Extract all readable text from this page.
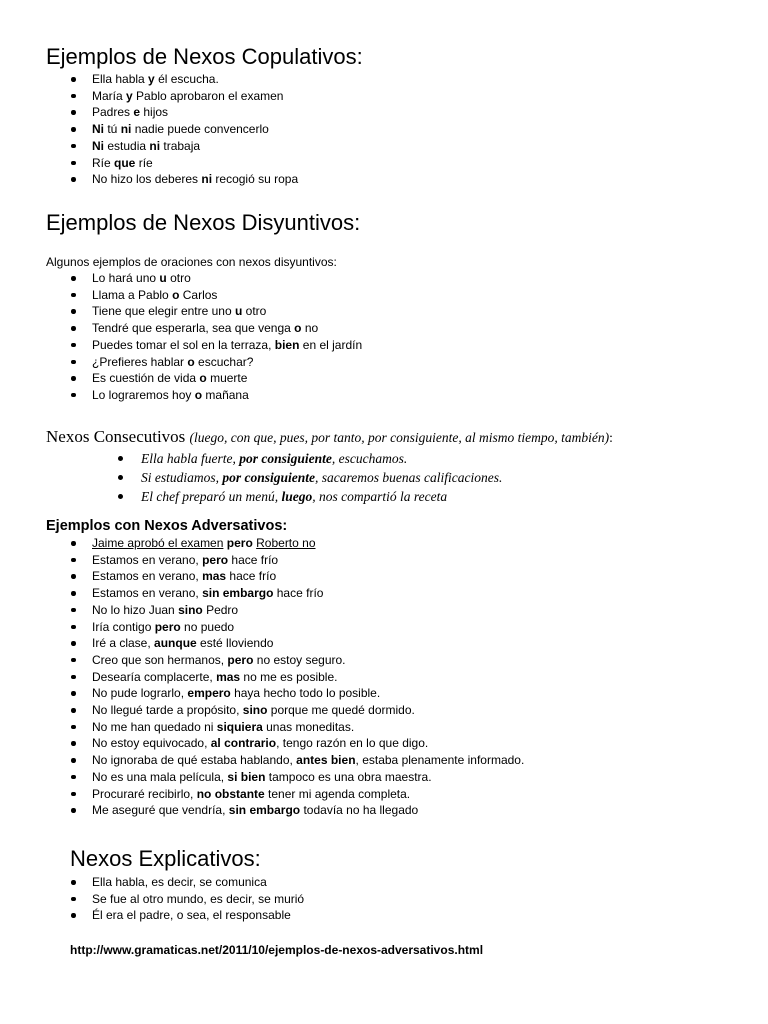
Ejemplos de Nexos Copulativos:
Ella habla y él escucha.
María y Pablo aprobaron el examen
Padres e hijos
Ni tú ni nadie puede convencerlo
Ni estudia ni trabaja
Ríe que ríe
No hizo los deberes ni recogió su ropa
Ejemplos de Nexos Disyuntivos:

Algunos ejemplos de oraciones con nexos disyuntivos:

Lo hará uno u otro
Llama a Pablo o Carlos
Tiene que elegir entre uno u otro
Tendré que esperarla, sea que venga o no
Puedes tomar el sol en la terraza, bien en el jardín
¿Prefieres hablar o escuchar?
Es cuestión de vida o muerte
Lo lograremos hoy o mañana
Nexos Consecutivos (luego, con que, pues, por tanto, por consiguiente, al mismo tiempo, también):
Ella habla fuerte, por consiguiente, escuchamos.
Si estudiamos, por consiguiente, sacaremos buenas calificaciones.
El chef preparó un menú, luego, nos compartió la receta
Ejemplos con Nexos Adversativos:
Jaime aprobó el examen pero Roberto no
Estamos en verano, pero hace frío
Estamos en verano, mas hace frío
Estamos en verano, sin embargo hace frío
No lo hizo Juan sino Pedro
Iría contigo pero no puedo
Iré a clase, aunque esté lloviendo
Creo que son hermanos, pero no estoy seguro.
Desearía complacerte, mas no me es posible.
No pude lograrlo, empero haya hecho todo lo posible.
No llegué tarde a propósito, sino porque me quedé dormido.
No me han quedado ni siquiera unas moneditas.
No estoy equivocado, al contrario, tengo razón en lo que digo.
No ignoraba de qué estaba hablando, antes bien, estaba plenamente informado.
No es una mala película, si bien tampoco es una obra maestra.
Procuraré recibirlo, no obstante tener mi agenda completa.
Me aseguré que vendría, sin embargo todavía no ha llegado
Nexos Explicativos:
Ella habla, es decir, se comunica
Se fue al otro mundo, es decir, se murió
Él era el padre, o sea, el responsable
http://www.gramaticas.net/2011/10/ejemplos-de-nexos-adversativos.html
